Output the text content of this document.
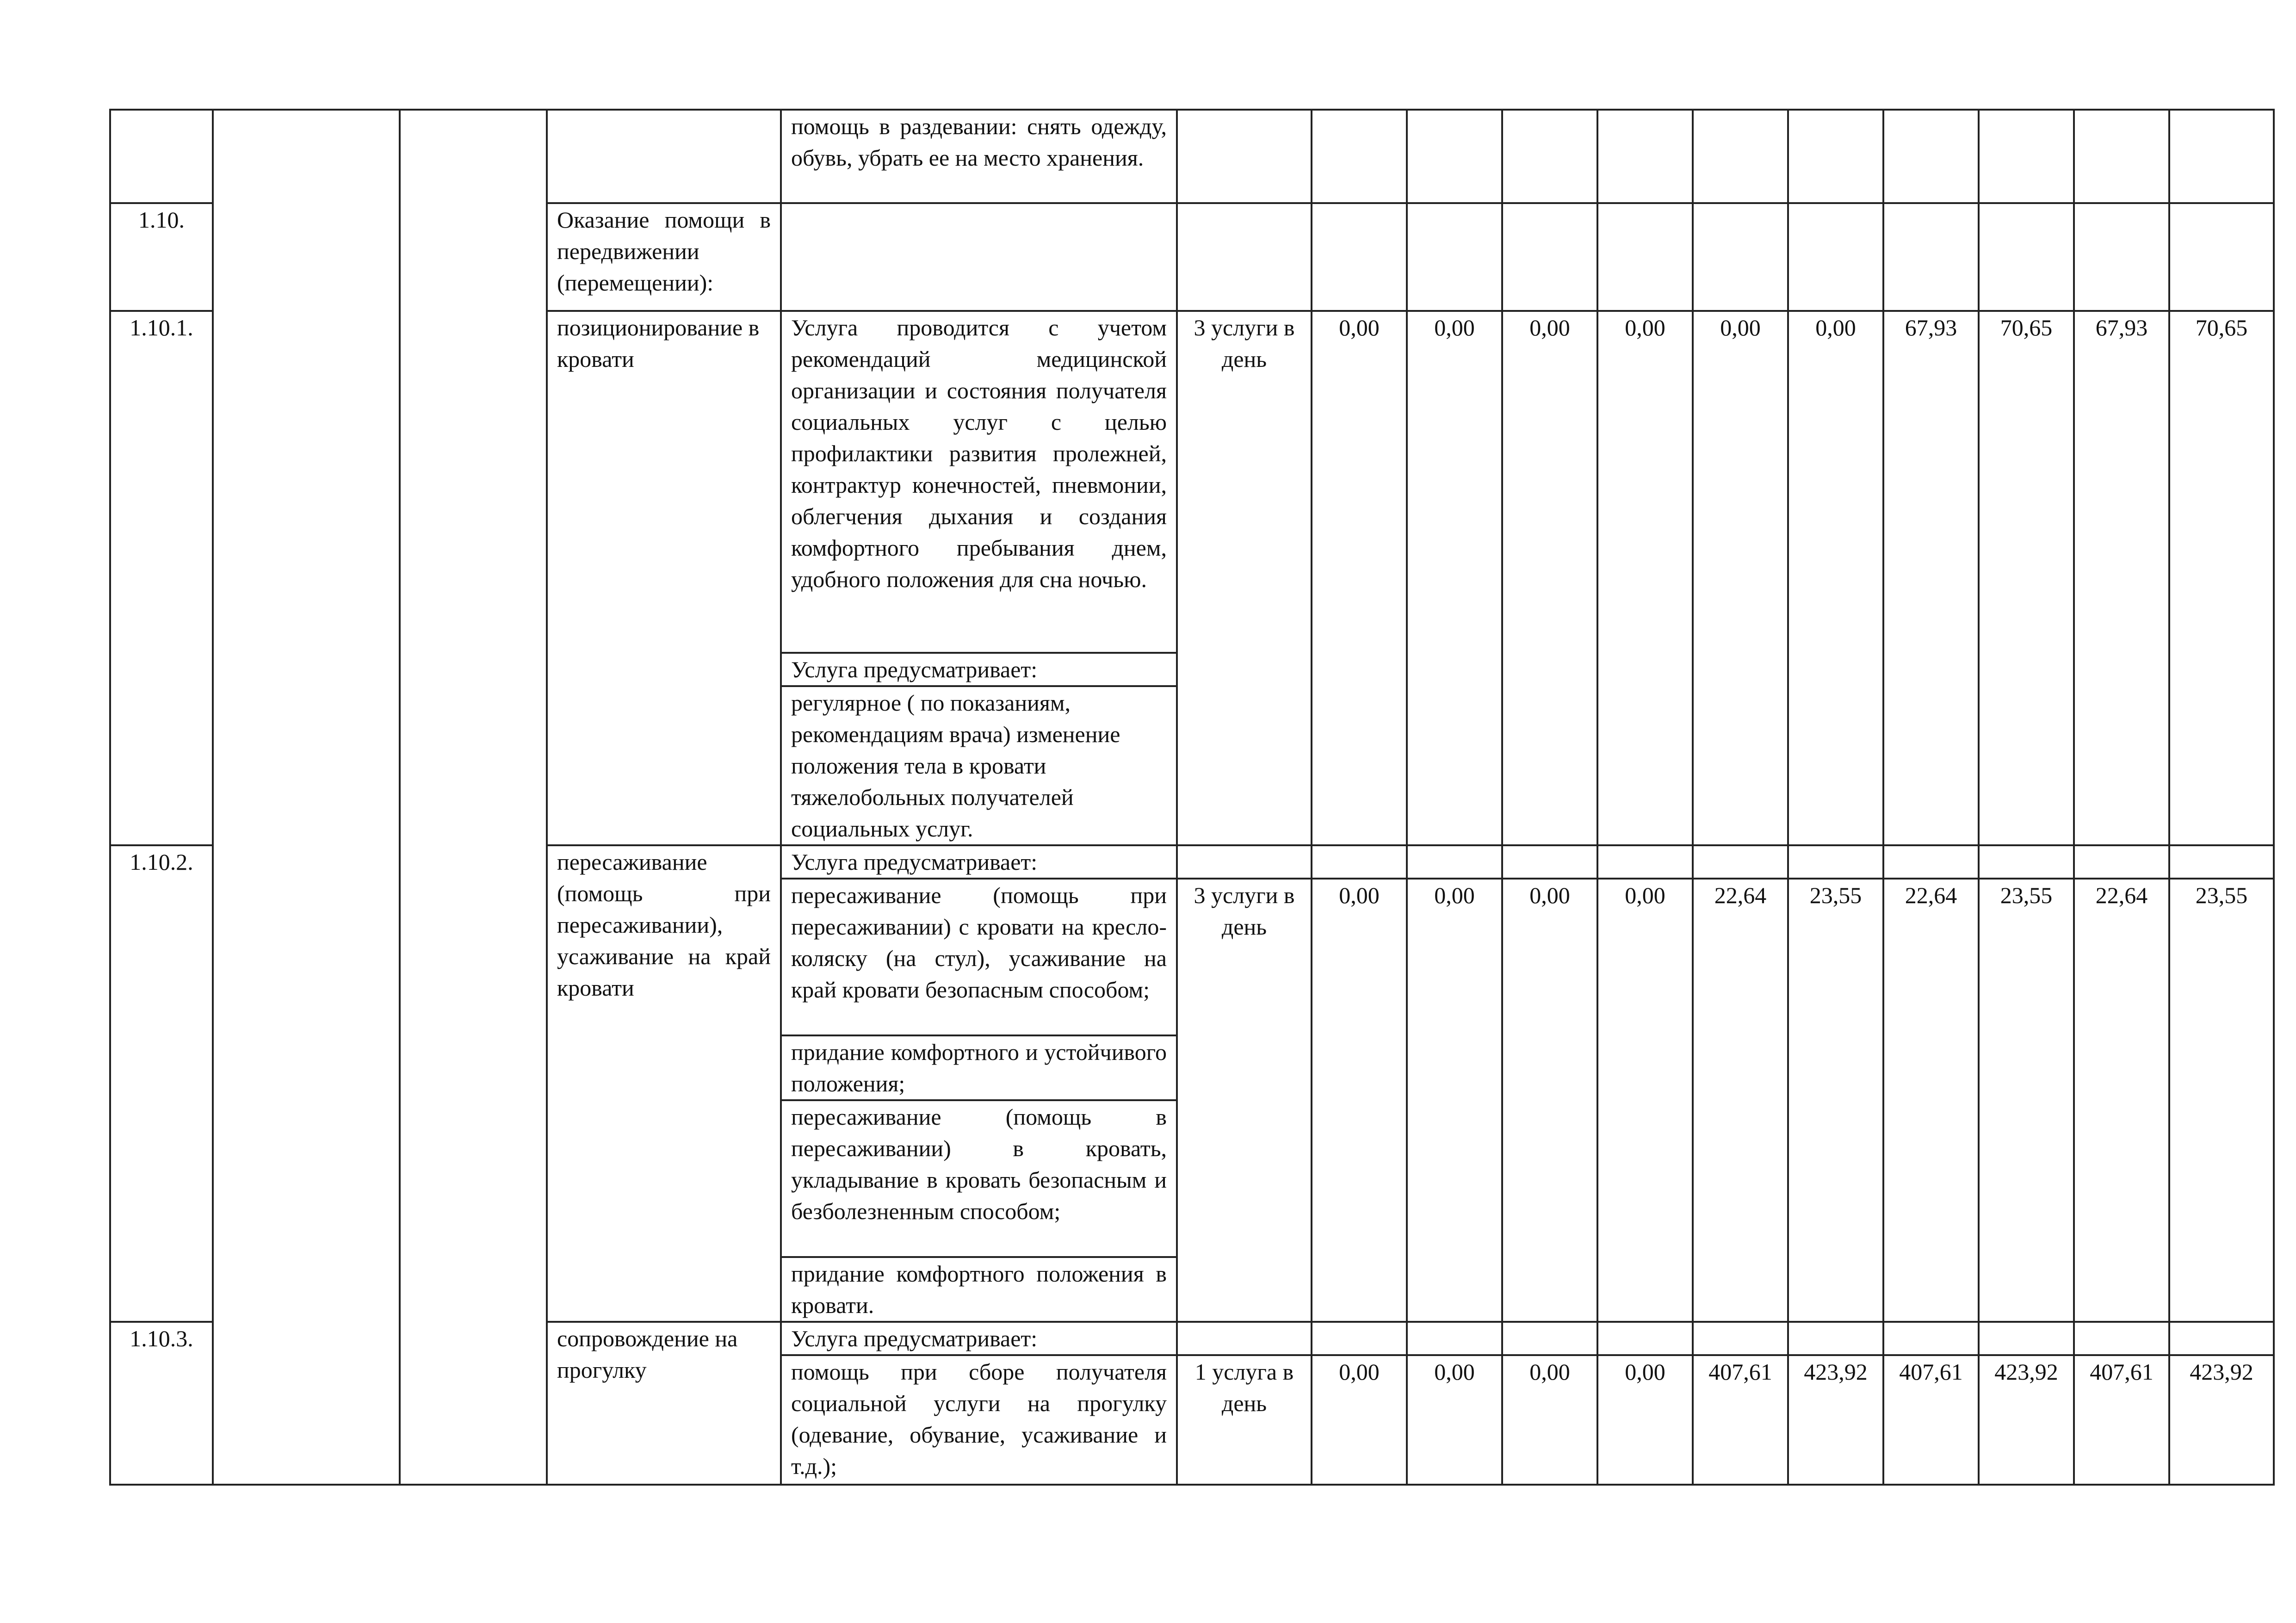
				помощь в раздевании: снять одежду, обувь, убрать ее на место хранения.											
1.10.			Оказание помощи в передвижении (перемещении):												
1.10.1.			позиционирование в кровати	Услуга проводится с учетом рекомендаций медицинской организации и состояния получателя социальных услуг с целью профилактики развития пролежней, контрактур конечностей, пневмонии, облегчения дыхания и создания комфортного пребывания днем, удобного положения для сна ночью.	3 услуги в день	0,00	0,00	0,00	0,00	0,00	0,00	67,93	70,65	67,93	70,65
				Услуга предусматривает:											
				регулярное ( по показаниям, рекомендациям врача) изменение положения тела в кровати тяжелобольных получателей социальных услуг.											
1.10.2.			пересаживание (помощь при пересаживании), усаживание на край кровати	Услуга предусматривает:											
				пересаживание (помощь при пересаживании) с кровати на кресло-коляску (на стул), усаживание на край кровати безопасным способом;	3 услуги в день	0,00	0,00	0,00	0,00	22,64	23,55	22,64	23,55	22,64	23,55
				придание комфортного и устойчивого положения;											
				пересаживание (помощь в пересаживании) в кровать, укладывание в кровать безопасным и безболезненным способом;											
				придание комфортного положения в кровати.											
1.10.3.			сопровождение на прогулку	Услуга предусматривает:											
				помощь при сборе получателя социальной услуги на прогулку (одевание, обувание, усаживание и т.д.);	1 услуга в день	0,00	0,00	0,00	0,00	407,61	423,92	407,61	423,92	407,61	423,92
